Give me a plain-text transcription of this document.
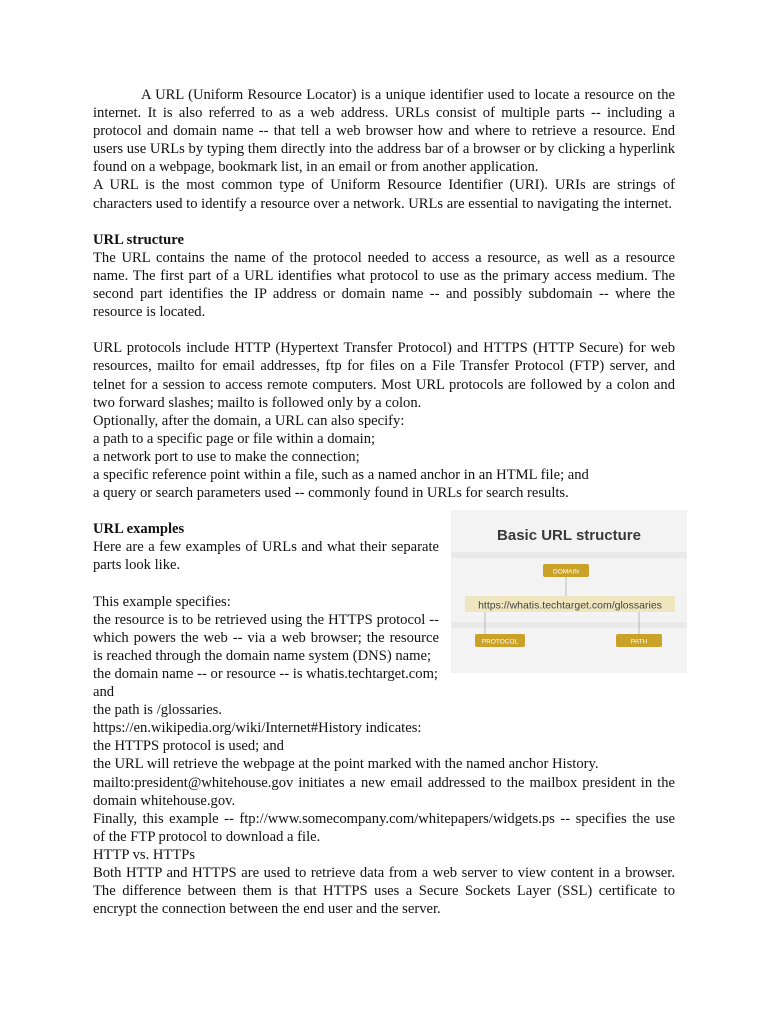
A URL (Uniform Resource Locator) is a unique identifier used to locate a resource on the internet. It is also referred to as a web address. URLs consist of multiple parts -- including a protocol and domain name -- that tell a web browser how and where to retrieve a resource. End users use URLs by typing them directly into the address bar of a browser or by clicking a hyperlink found on a webpage, bookmark list, in an email or from another application.

A URL is the most common type of Uniform Resource Identifier (URI). URIs are strings of characters used to identify a resource over a network. URLs are essential to navigating the internet.

URL structure

The URL contains the name of the protocol needed to access a resource, as well as a resource name. The first part of a URL identifies what protocol to use as the primary access medium. The second part identifies the IP address or domain name -- and possibly subdomain -- where the resource is located.

URL protocols include HTTP (Hypertext Transfer Protocol) and HTTPS (HTTP Secure) for web resources, mailto for email addresses, ftp for files on a File Transfer Protocol (FTP) server, and telnet for a session to access remote computers. Most URL protocols are followed by a colon and two forward slashes; mailto is followed only by a colon.

Optionally, after the domain, a URL can also specify:

a path to a specific page or file within a domain;

a network port to use to make the connection;

a specific reference point within a file, such as a named anchor in an HTML file; and

a query or search parameters used -- commonly found in URLs for search results.

Basic URL structure
DOMAIN
https://whatis.techtarget.com/glossaries
PROTOCOL	PATH

URL examples

Here are a few examples of URLs and what their separate parts look like.

This example specifies:

the resource is to be retrieved using the HTTPS protocol -- which powers the web -- via a web browser; the resource is reached through the domain name system (DNS) name;

the domain name -- or resource -- is whatis.techtarget.com; and

the path is /glossaries.

https://en.wikipedia.org/wiki/Internet#History indicates:

the HTTPS protocol is used; and

the URL will retrieve the webpage at the point marked with the named anchor History.

mailto:president@whitehouse.gov initiates a new email addressed to the mailbox president in the domain whitehouse.gov.

Finally, this example -- ftp://www.somecompany.com/whitepapers/widgets.ps -- specifies the use of the FTP protocol to download a file.

HTTP vs. HTTPs

Both HTTP and HTTPS are used to retrieve data from a web server to view content in a browser. The difference between them is that HTTPS uses a Secure Sockets Layer (SSL) certificate to encrypt the connection between the end user and the server.
